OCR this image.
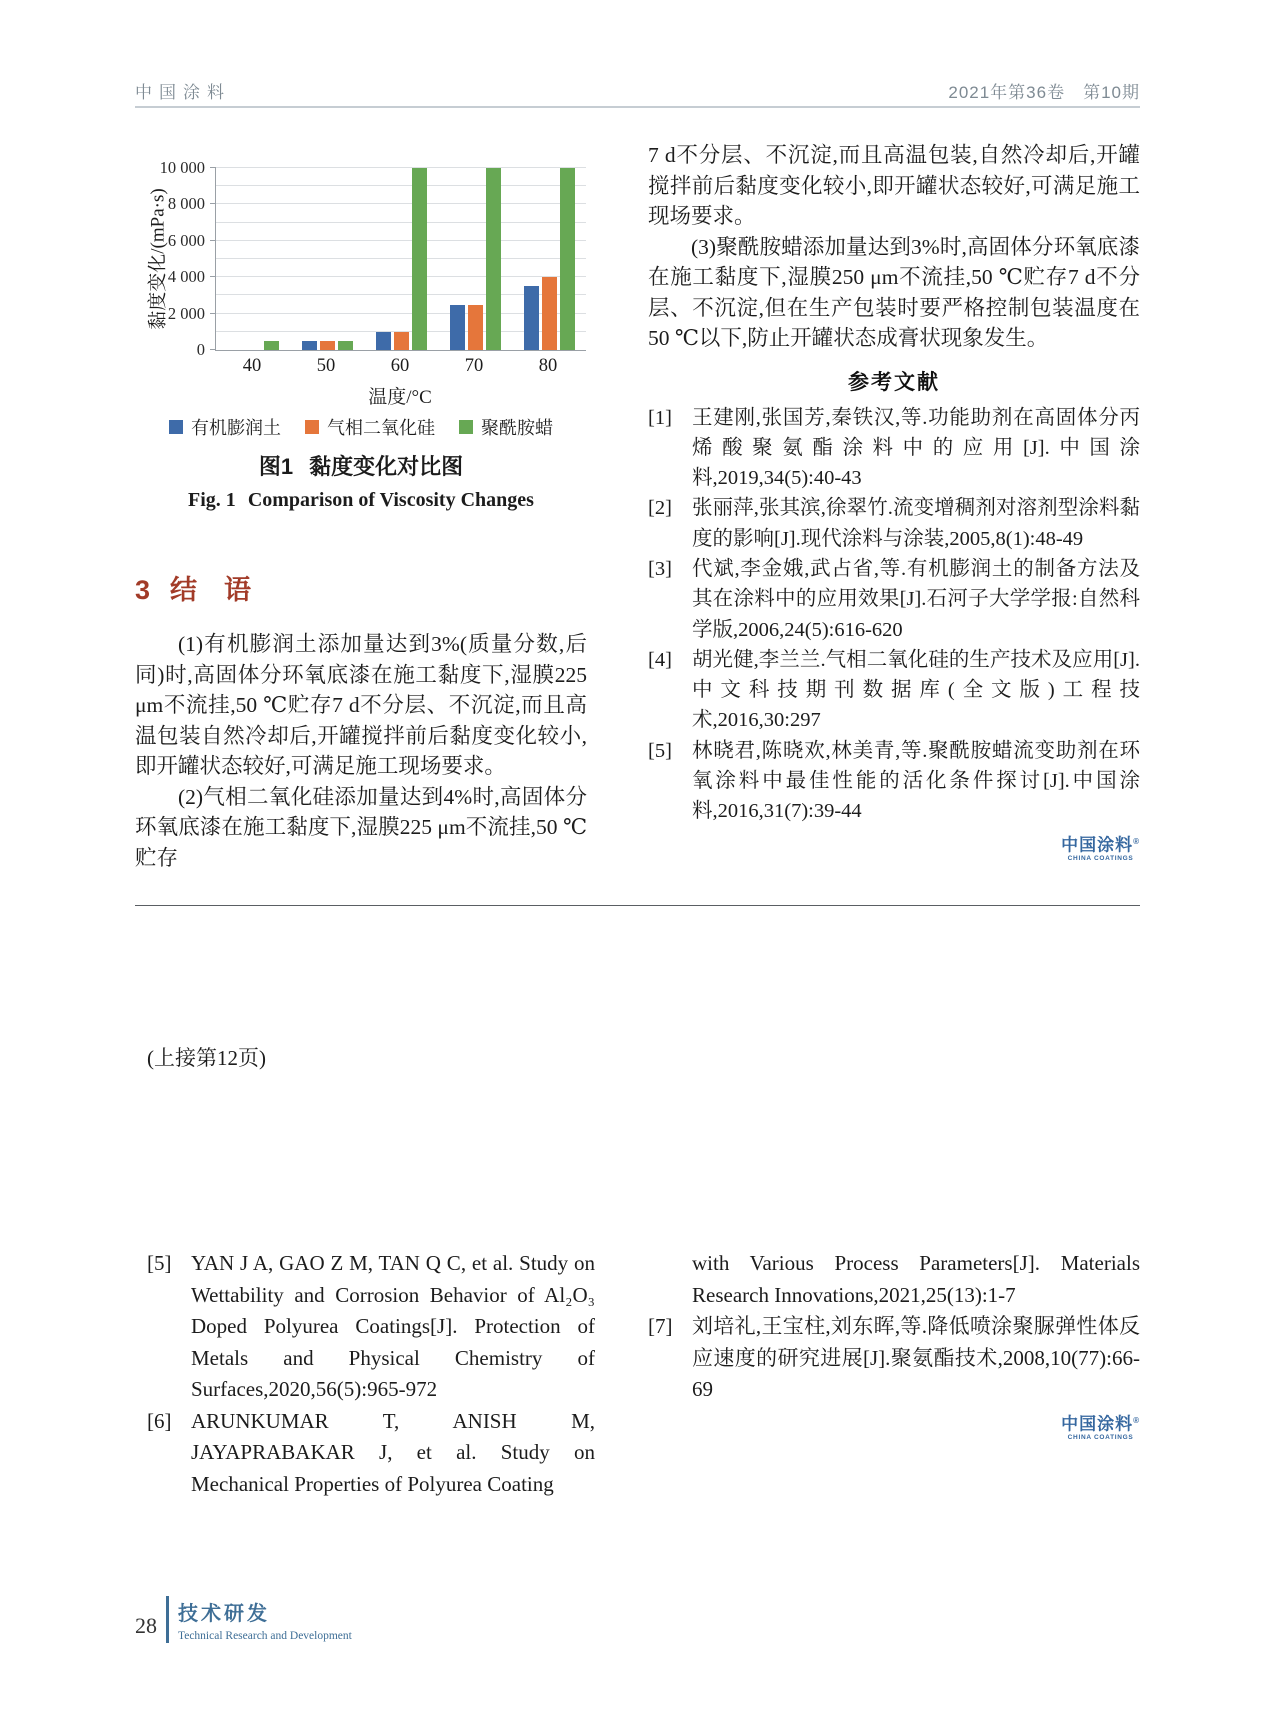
中国涂料	2021年第36卷　第10期
黏度变化/(mPa·s)
0
2 000
4 000
6 000
8 000
10 000
40	50	60	70	80
温度/°C
有机膨润土	气相二氧化硅	聚酰胺蜡
图1 黏度变化对比图
Fig. 1 Comparison of Viscosity Changes
3 结　语

(1)有机膨润土添加量达到3%(质量分数,后同)时,高固体分环氧底漆在施工黏度下,湿膜225 μm不流挂,50 ℃贮存7 d不分层、不沉淀,而且高温包装自然冷却后,开罐搅拌前后黏度变化较小,即开罐状态较好,可满足施工现场要求。

(2)气相二氧化硅添加量达到4%时,高固体分环氧底漆在施工黏度下,湿膜225 μm不流挂,50 ℃贮存

7 d不分层、不沉淀,而且高温包装,自然冷却后,开罐搅拌前后黏度变化较小,即开罐状态较好,可满足施工现场要求。

(3)聚酰胺蜡添加量达到3%时,高固体分环氧底漆在施工黏度下,湿膜250 μm不流挂,50 ℃贮存7 d不分层、不沉淀,但在生产包装时要严格控制包装温度在50 ℃以下,防止开罐状态成膏状现象发生。

参考文献
[1] 王建刚,张国芳,秦铁汉,等.功能助剂在高固体分丙烯酸聚氨酯涂料中的应用[J].中国涂料,2019,34(5):40-43
[2] 张丽萍,张其滨,徐翠竹.流变增稠剂对溶剂型涂料黏度的影响[J].现代涂料与涂装,2005,8(1):48-49
[3] 代斌,李金娥,武占省,等.有机膨润土的制备方法及其在涂料中的应用效果[J].石河子大学学报:自然科学版,2006,24(5):616-620
[4] 胡光健,李兰兰.气相二氧化硅的生产技术及应用[J].中文科技期刊数据库(全文版)工程技术,2016,30:297
[5] 林晓君,陈晓欢,林美青,等.聚酰胺蜡流变助剂在环氧涂料中最佳性能的活化条件探讨[J].中国涂料,2016,31(7):39-44
中国涂料®
CHINA COATINGS
(上接第12页)
[5] YAN J A, GAO Z M, TAN Q C, et al. Study on Wettability and Corrosion Behavior of Al₂O₃ Doped Polyurea Coatings[J]. Protection of Metals and Physical Chemistry of Surfaces,2020,56(5):965-972
[6] ARUNKUMAR T, ANISH M, JAYAPRABAKAR J, et al. Study on Mechanical Properties of Polyurea Coating
with Various Process Parameters[J]. Materials Research Innovations,2021,25(13):1-7
[7] 刘培礼,王宝柱,刘东晖,等.降低喷涂聚脲弹性体反应速度的研究进展[J].聚氨酯技术,2008,10(77):66-69
中国涂料®
CHINA COATINGS
28 技术研发
Technical Research and Development
